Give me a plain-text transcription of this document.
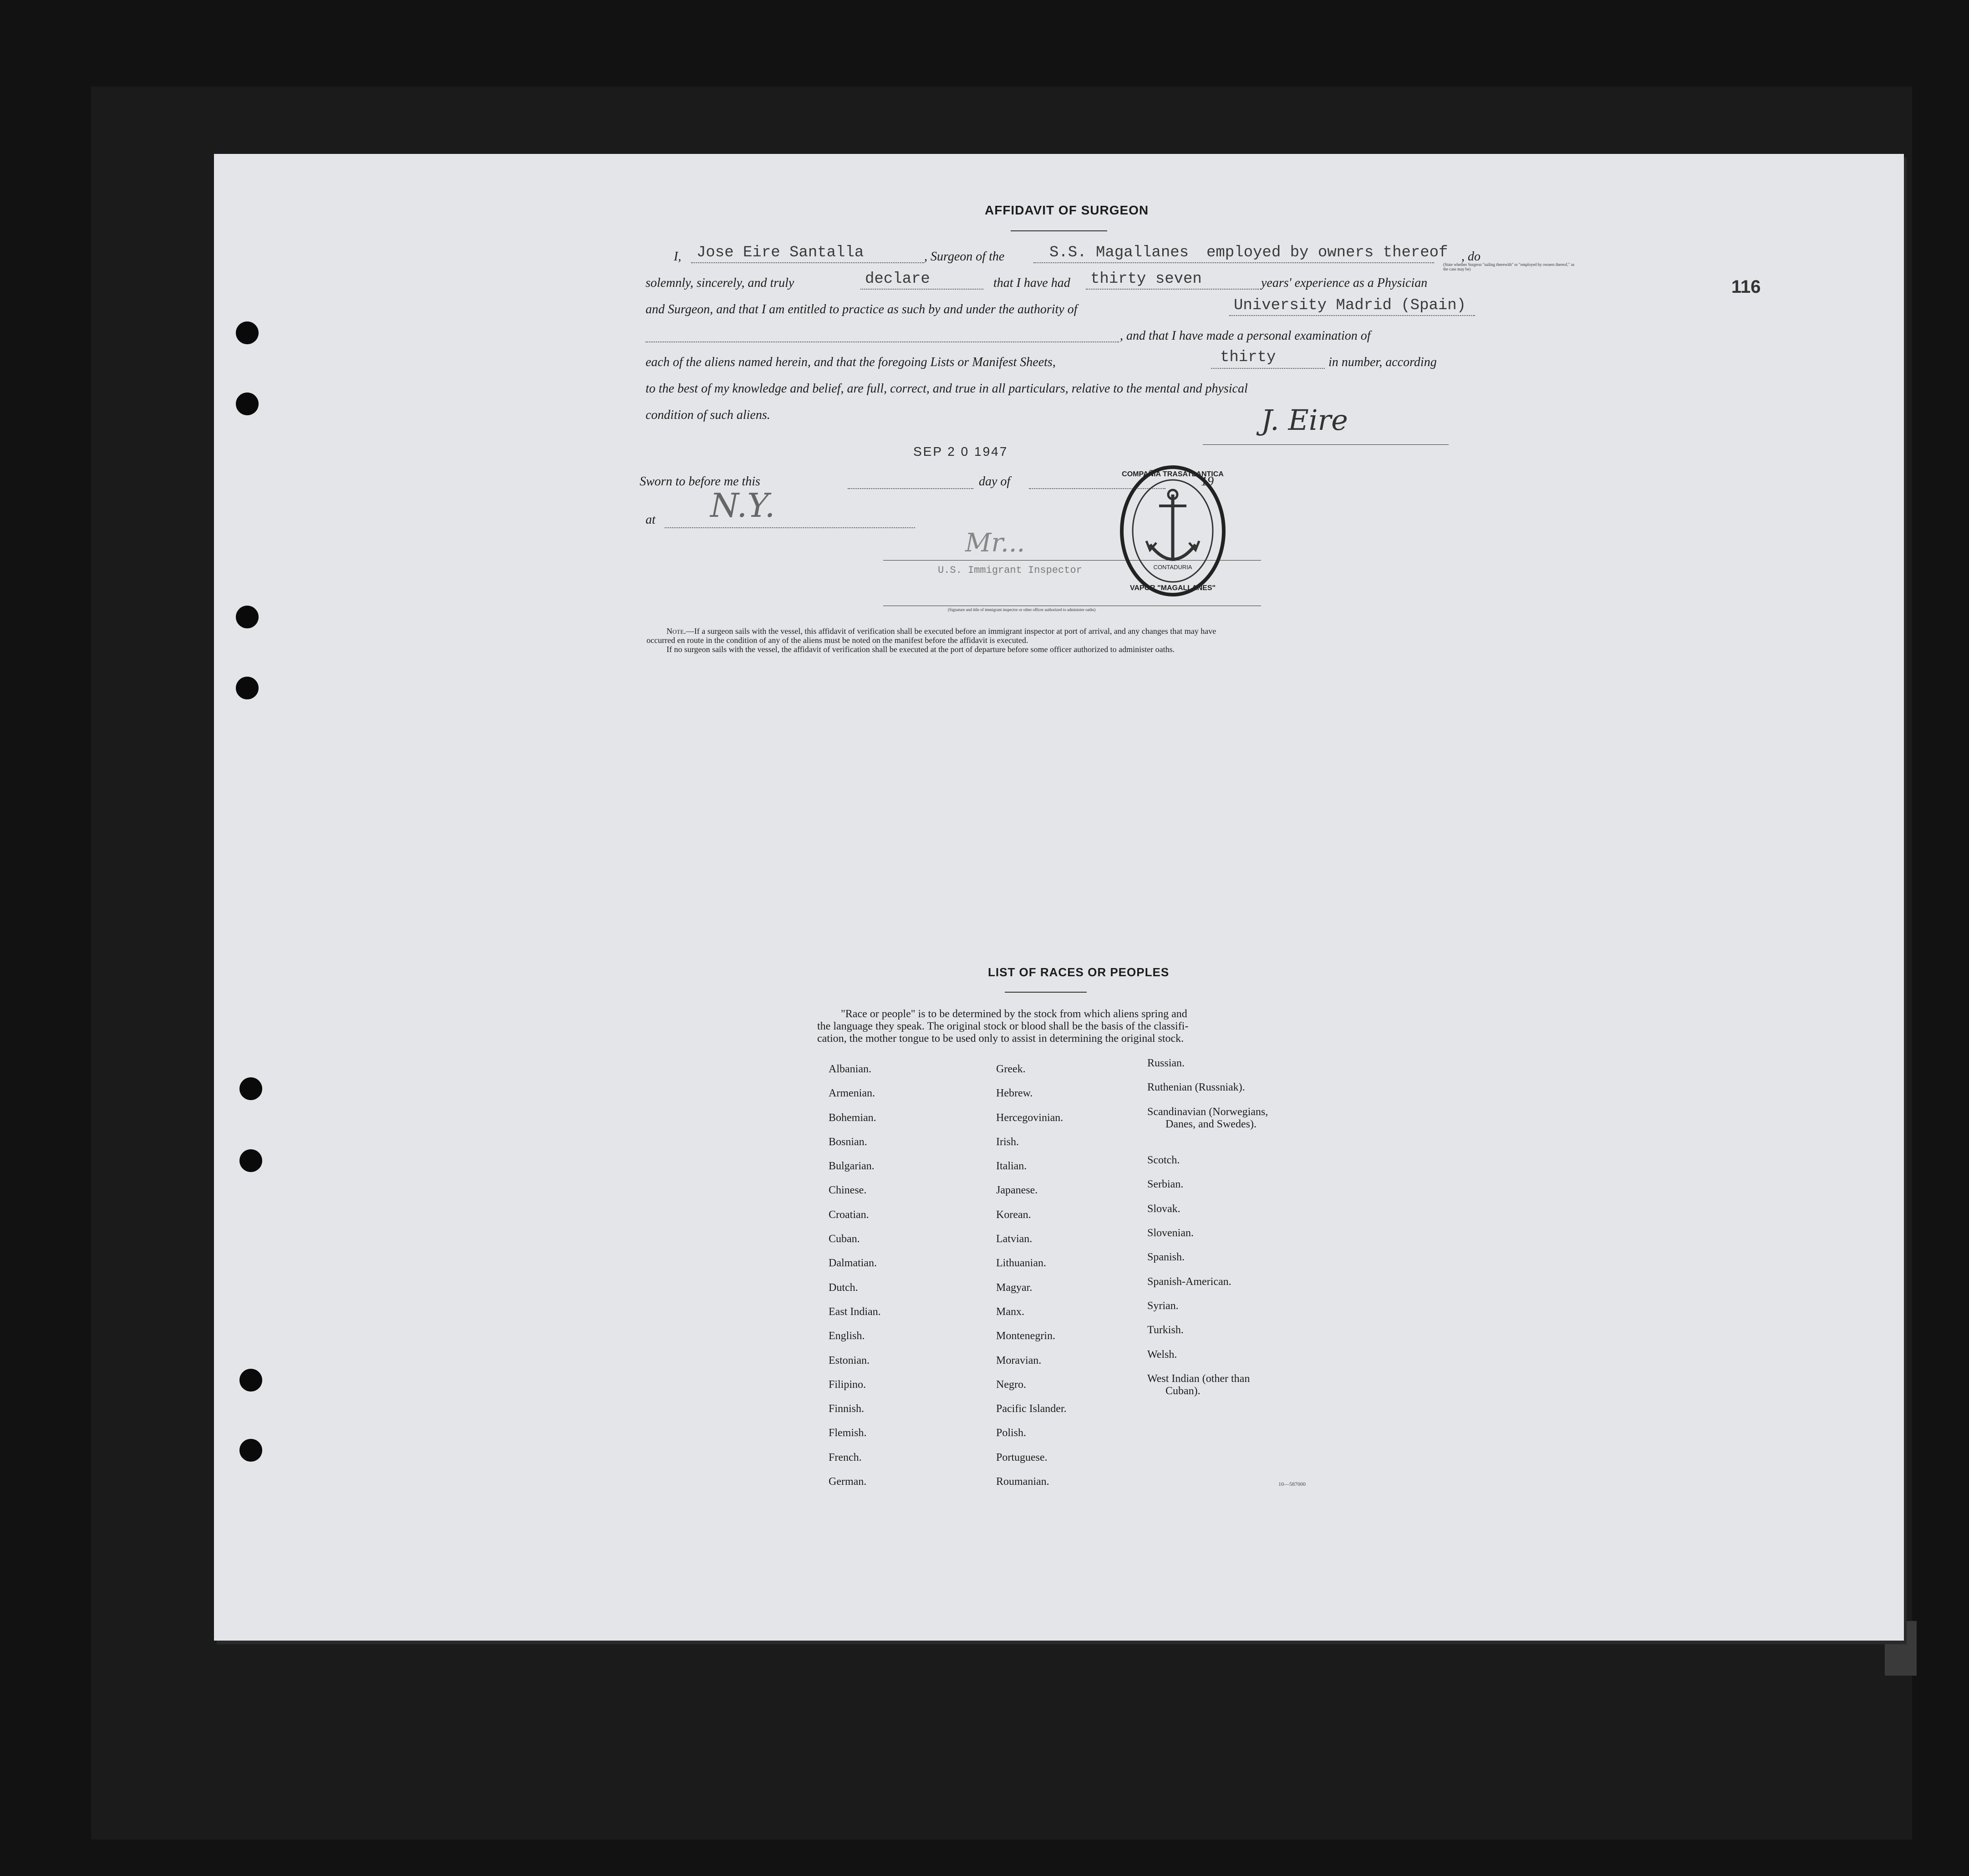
116
AFFIDAVIT OF SURGEON
I, Jose Eire Santalla	, Surgeon of the	S.S. Magallanes employed by owners thereof , do
(State whether Surgeon "sailing therewith" or "employed by owners thereof," as the case may be)
solemnly, sincerely, and truly	declare	that I have had thirty seven	years' experience as a Physician
and Surgeon, and that I am entitled to practice as such by and under the authority of	University Madrid (Spain)
, and that I have made a personal examination of
each of the aliens named herein, and that the foregoing Lists or Manifest Sheets,	thirty	in number, according
to the best of my knowledge and belief, are full, correct, and true in all particulars, relative to the mental and physical
condition of such aliens.	J. Eire
SEP 2 0 1947
Sworn to before me this	day of	19
at N.Y.
Mr...
U.S. Immigrant Inspector
(Signature and title of immigrant inspector or other officer authorized to administer oaths)
COMPAÑIA TRASATLANTICA
CONTADURIA
VAPOR "MAGALLANES"
Note.—If a surgeon sails with the vessel, this affidavit of verification shall be executed before an immigrant inspector at port of arrival, and any changes that may have
occurred en route in the condition of any of the aliens must be noted on the manifest before the affidavit is executed.
If no surgeon sails with the vessel, the affidavit of verification shall be executed at the port of departure before some officer authorized to administer oaths.
LIST OF RACES OR PEOPLES
"Race or people" is to be determined by the stock from which aliens spring and
the language they speak. The original stock or blood shall be the basis of the classifi-
cation, the mother tongue to be used only to assist in determining the original stock.
Albanian.
Armenian.
Bohemian.
Bosnian.
Bulgarian.
Chinese.
Croatian.
Cuban.
Dalmatian.
Dutch.
East Indian.
English.
Estonian.
Filipino.
Finnish.
Flemish.
French.
German.
Greek.
Hebrew.
Hercegovinian.
Irish.
Italian.
Japanese.
Korean.
Latvian.
Lithuanian.
Magyar.
Manx.
Montenegrin.
Moravian.
Negro.
Pacific Islander.
Polish.
Portuguese.
Roumanian.
Russian.
Ruthenian (Russniak).
Scandinavian (Norwegians,
Danes, and Swedes).
Scotch.
Serbian.
Slovak.
Slovenian.
Spanish.
Spanish-American.
Syrian.
Turkish.
Welsh.
West Indian (other than
Cuban).
10—587000
